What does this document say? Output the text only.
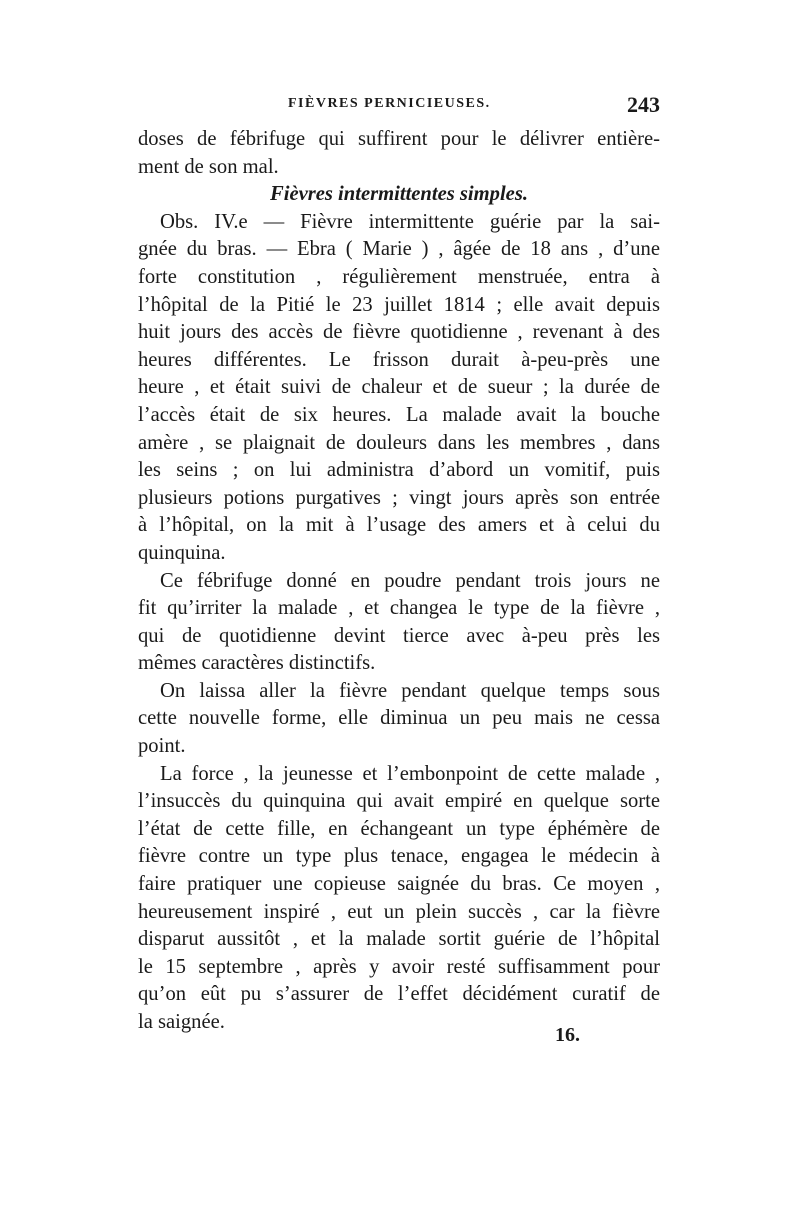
FIÈVRES PERNICIEUSES.	243
doses de fébrifuge qui suffirent pour le délivrer entière-
ment de son mal.
Fièvres intermittentes simples.
Obs. IV.e — Fièvre intermittente guérie par la sai-
gnée du bras. — Ebra ( Marie ) , âgée de 18 ans , d’une
forte constitution , régulièrement menstruée, entra à
l’hôpital de la Pitié le 23 juillet 1814 ; elle avait depuis
huit jours des accès de fièvre quotidienne , revenant à des
heures différentes. Le frisson durait à-peu-près une
heure , et était suivi de chaleur et de sueur ; la durée de
l’accès était de six heures. La malade avait la bouche
amère , se plaignait de douleurs dans les membres , dans
les seins ; on lui administra d’abord un vomitif, puis
plusieurs potions purgatives ; vingt jours après son entrée
à l’hôpital, on la mit à l’usage des amers et à celui du
quinquina.
Ce fébrifuge donné en poudre pendant trois jours ne
fit qu’irriter la malade , et changea le type de la fièvre ,
qui de quotidienne devint tierce avec à-peu près les
mêmes caractères distinctifs.
On laissa aller la fièvre pendant quelque temps sous
cette nouvelle forme, elle diminua un peu mais ne cessa
point.
La force , la jeunesse et l’embonpoint de cette malade ,
l’insuccès du quinquina qui avait empiré en quelque sorte
l’état de cette fille, en échangeant un type éphémère de
fièvre contre un type plus tenace, engagea le médecin à
faire pratiquer une copieuse saignée du bras. Ce moyen ,
heureusement inspiré , eut un plein succès , car la fièvre
disparut aussitôt , et la malade sortit guérie de l’hôpital
le 15 septembre , après y avoir resté suffisamment pour
qu’on eût pu s’assurer de l’effet décidément curatif de
la saignée.
16.
